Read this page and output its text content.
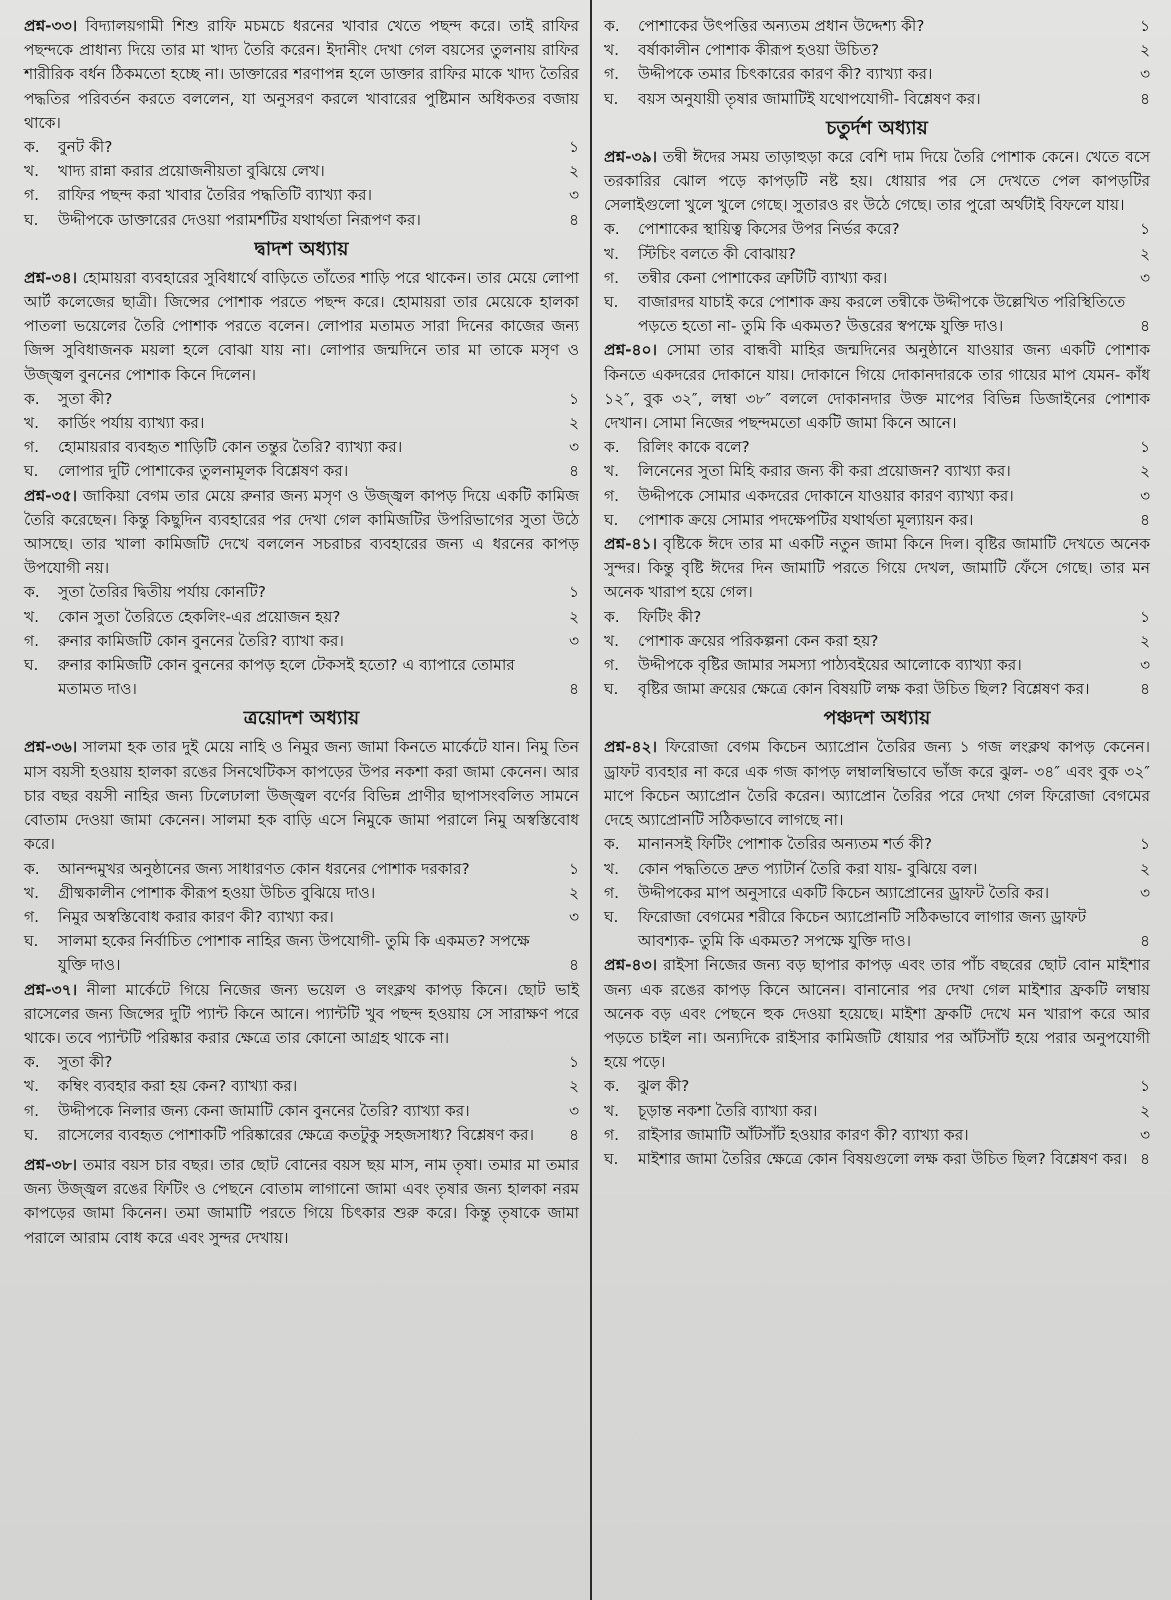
প্রশ্ন-৩৩। বিদ্যালয়গামী শিশু রাফি মচমচে ধরনের খাবার খেতে পছন্দ করে। তাই রাফির পছন্দকে প্রাধান্য দিয়ে তার মা খাদ্য তৈরি করেন। ইদানীং দেখা গেল বয়সের তুলনায় রাফির শারীরিক বর্ধন ঠিকমতো হচ্ছে না। ডাক্তারের শরণাপন্ন হলে ডাক্তার রাফির মাকে খাদ্য তৈরির পদ্ধতির পরিবর্তন করতে বললেন, যা অনুসরণ করলে খাবারের পুষ্টিমান অধিকতর বজায় থাকে।

ক.	বুনট কী?	১
খ.	খাদ্য রান্না করার প্রয়োজনীয়তা বুঝিয়ে লেখ।	২
গ.	রাফির পছন্দ করা খাবার তৈরির পদ্ধতিটি ব্যাখ্যা কর।	৩
ঘ.	উদ্দীপকে ডাক্তারের দেওয়া পরামর্শটির যথার্থতা নিরূপণ কর।	৪
দ্বাদশ অধ্যায়

প্রশ্ন-৩৪। হোমায়রা ব্যবহারের সুবিধার্থে বাড়িতে তাঁতের শাড়ি পরে থাকেন। তার মেয়ে লোপা আর্ট কলেজের ছাত্রী। জিন্সের পোশাক পরতে পছন্দ করে। হোমায়রা তার মেয়েকে হালকা পাতলা ভয়েলের তৈরি পোশাক পরতে বলেন। লোপার মতামত সারা দিনের কাজের জন্য জিন্স সুবিধাজনক ময়লা হলে বোঝা যায় না। লোপার জন্মদিনে তার মা তাকে মসৃণ ও উজ্জ্বল বুননের পোশাক কিনে দিলেন।

ক.	সুতা কী?	১
খ.	কার্ডিং পর্যায় ব্যাখ্যা কর।	২
গ.	হোমায়রার ব্যবহৃত শাড়িটি কোন তন্তুর তৈরি? ব্যাখ্যা কর।	৩
ঘ.	লোপার দুটি পোশাকের তুলনামূলক বিশ্লেষণ কর।	৪

প্রশ্ন-৩৫। জাকিয়া বেগম তার মেয়ে রুনার জন্য মসৃণ ও উজ্জ্বল কাপড় দিয়ে একটি কামিজ তৈরি করেছেন। কিন্তু কিছুদিন ব্যবহারের পর দেখা গেল কামিজটির উপরিভাগের সুতা উঠে আসছে। তার খালা কামিজটি দেখে বললেন সচরাচর ব্যবহারের জন্য এ ধরনের কাপড় উপযোগী নয়।

ক.	সুতা তৈরির দ্বিতীয় পর্যায় কোনটি?	১
খ.	কোন সুতা তৈরিতে হেকলিং-এর প্রয়োজন হয়?	২
গ.	রুনার কামিজটি কোন বুননের তৈরি? ব্যাখা কর।	৩
ঘ.	রুনার কামিজটি কোন বুননের কাপড় হলে টেকসই হতো? এ ব্যাপারে তোমার মতামত দাও।	৪
ত্রয়োদশ অধ্যায়

প্রশ্ন-৩৬। সালমা হক তার দুই মেয়ে নাহি ও নিমুর জন্য জামা কিনতে মার্কেটে যান। নিমু তিন মাস বয়সী হওয়ায় হালকা রঙের সিনথেটিকস কাপড়ের উপর নকশা করা জামা কেনেন। আর চার বছর বয়সী নাহির জন্য ঢিলেঢালা উজ্জ্বল বর্ণের বিভিন্ন প্রাণীর ছাপাসংবলিত সামনে বোতাম দেওয়া জামা কেনেন। সালমা হক বাড়ি এসে নিমুকে জামা পরালে নিমু অস্বস্তিবোধ করে।

ক.	আনন্দমুখর অনুষ্ঠানের জন্য সাধারণত কোন ধরনের পোশাক দরকার?	১
খ.	গ্রীষ্মকালীন পোশাক কীরূপ হওয়া উচিত বুঝিয়ে দাও।	২
গ.	নিমুর অস্বস্তিবোধ করার কারণ কী? ব্যাখ্যা কর।	৩
ঘ.	সালমা হকের নির্বাচিত পোশাক নাহির জন্য উপযোগী- তুমি কি একমত? সপক্ষে যুক্তি দাও।	৪

প্রশ্ন-৩৭। নীলা মার্কেটে গিয়ে নিজের জন্য ভয়েল ও লংক্লথ কাপড় কিনে। ছোট ভাই রাসেলের জন্য জিন্সের দুটি প্যান্ট কিনে আনে। প্যান্টটি খুব পছন্দ হওয়ায় সে সারাক্ষণ পরে থাকে। তবে প্যান্টটি পরিষ্কার করার ক্ষেত্রে তার কোনো আগ্রহ থাকে না।

ক.	সুতা কী?	১
খ.	কম্বিং ব্যবহার করা হয় কেন? ব্যাখ্যা কর।	২
গ.	উদ্দীপকে নিলার জন্য কেনা জামাটি কোন বুননের তৈরি? ব্যাখ্যা কর।	৩
ঘ.	রাসেলের ব্যবহৃত পোশাকটি পরিষ্কারের ক্ষেত্রে কতটুকু সহজসাধ্য? বিশ্লেষণ কর।	৪

প্রশ্ন-৩৮। তমার বয়স চার বছর। তার ছোট বোনের বয়স ছয় মাস, নাম তৃষা। তমার মা তমার জন্য উজ্জ্বল রঙের ফিটিং ও পেছনে বোতাম লাগানো জামা এবং তৃষার জন্য হালকা নরম কাপড়ের জামা কিনেন। তমা জামাটি পরতে গিয়ে চিৎকার শুরু করে। কিন্তু তৃষাকে জামা পরালে আরাম বোধ করে এবং সুন্দর দেখায়।

ক.	পোশাকের উৎপত্তির অন্যতম প্রধান উদ্দেশ্য কী?	১
খ.	বর্ষাকালীন পোশাক কীরূপ হওয়া উচিত?	২
গ.	উদ্দীপকে তমার চিৎকারের কারণ কী? ব্যাখ্যা কর।	৩
ঘ.	বয়স অনুযায়ী তৃষার জামাটিই যথোপযোগী- বিশ্লেষণ কর।	৪
চতুর্দশ অধ্যায়

প্রশ্ন-৩৯। তন্বী ঈদের সময় তাড়াহুড়া করে বেশি দাম দিয়ে তৈরি পোশাক কেনে। খেতে বসে তরকারির ঝোল পড়ে কাপড়টি নষ্ট হয়। ধোয়ার পর সে দেখতে পেল কাপড়টির সেলাইগুলো খুলে খুলে গেছে। সুতারও রং উঠে গেছে। তার পুরো অর্থটাই বিফলে যায়।

ক.	পোশাকের স্থায়িত্ব কিসের উপর নির্ভর করে?	১
খ.	স্টিচিং বলতে কী বোঝায়?	২
গ.	তন্বীর কেনা পোশাকের ত্রুটিটি ব্যাখ্যা কর।	৩
ঘ.	বাজারদর যাচাই করে পোশাক ক্রয় করলে তন্বীকে উদ্দীপকে উল্লেখিত পরিস্থিতিতে পড়তে হতো না- তুমি কি একমত? উত্তরের স্বপক্ষে যুক্তি দাও।	৪

প্রশ্ন-৪০। সোমা তার বান্ধবী মাহির জন্মদিনের অনুষ্ঠানে যাওয়ার জন্য একটি পোশাক কিনতে একদরের দোকানে যায়। দোকানে গিয়ে দোকানদারকে তার গায়ের মাপ যেমন- কাঁধ ১২″, বুক ৩২″, লম্বা ৩৮″ বললে দোকানদার উক্ত মাপের বিভিন্ন ডিজাইনের পোশাক দেখান। সোমা নিজের পছন্দমতো একটি জামা কিনে আনে।

ক.	রিলিং কাকে বলে?	১
খ.	লিনেনের সুতা মিহি করার জন্য কী করা প্রয়োজন? ব্যাখ্যা কর।	২
গ.	উদ্দীপকে সোমার একদরের দোকানে যাওয়ার কারণ ব্যাখ্যা কর।	৩
ঘ.	পোশাক ক্রয়ে সোমার পদক্ষেপটির যথার্থতা মূল্যায়ন কর।	৪

প্রশ্ন-৪১। বৃষ্টিকে ঈদে তার মা একটি নতুন জামা কিনে দিল। বৃষ্টির জামাটি দেখতে অনেক সুন্দর। কিন্তু বৃষ্টি ঈদের দিন জামাটি পরতে গিয়ে দেখল, জামাটি ফেঁসে গেছে। তার মন অনেক খারাপ হয়ে গেল।

ক.	ফিটিং কী?	১
খ.	পোশাক ক্রয়ের পরিকল্পনা কেন করা হয়?	২
গ.	উদ্দীপকে বৃষ্টির জামার সমস্যা পাঠ্যবইয়ের আলোকে ব্যাখ্যা কর।	৩
ঘ.	বৃষ্টির জামা ক্রয়ের ক্ষেত্রে কোন বিষয়টি লক্ষ করা উচিত ছিল? বিশ্লেষণ কর।	৪
পঞ্চদশ অধ্যায়

প্রশ্ন-৪২। ফিরোজা বেগম কিচেন অ্যাপ্রোন তৈরির জন্য ১ গজ লংক্লথ কাপড় কেনেন। ড্রাফট ব্যবহার না করে এক গজ কাপড় লম্বালম্বিভাবে ভাঁজ করে ঝুল- ৩৪″ এবং বুক ৩২″ মাপে কিচেন অ্যাপ্রোন তৈরি করেন। অ্যাপ্রোন তৈরির পরে দেখা গেল ফিরোজা বেগমের দেহে অ্যাপ্রোনটি সঠিকভাবে লাগছে না।

ক.	মানানসই ফিটিং পোশাক তৈরির অন্যতম শর্ত কী?	১
খ.	কোন পদ্ধতিতে দ্রুত প্যাটার্ন তৈরি করা যায়- বুঝিয়ে বল।	২
গ.	উদ্দীপকের মাপ অনুসারে একটি কিচেন অ্যাপ্রোনের ড্রাফট তৈরি কর।	৩
ঘ.	ফিরোজা বেগমের শরীরে কিচেন অ্যাপ্রোনটি সঠিকভাবে লাগার জন্য ড্রাফট আবশ্যক- তুমি কি একমত? সপক্ষে যুক্তি দাও।	৪

প্রশ্ন-৪৩। রাইসা নিজের জন্য বড় ছাপার কাপড় এবং তার পাঁচ বছরের ছোট বোন মাইশার জন্য এক রঙের কাপড় কিনে আনেন। বানানোর পর দেখা গেল মাইশার ফ্রকটি লম্বায় অনেক বড় এবং পেছনে হুক দেওয়া হয়েছে। মাইশা ফ্রকটি দেখে মন খারাপ করে আর পড়তে চাইল না। অন্যদিকে রাইসার কামিজটি ধোয়ার পর আঁটসাঁট হয়ে পরার অনুপযোগী হয়ে পড়ে।

ক.	ঝুল কী?	১
খ.	চূড়ান্ত নকশা তৈরি ব্যাখ্যা কর।	২
গ.	রাইসার জামাটি আঁটসাঁট হওয়ার কারণ কী? ব্যাখ্যা কর।	৩
ঘ.	মাইশার জামা তৈরির ক্ষেত্রে কোন বিষয়গুলো লক্ষ করা উচিত ছিল? বিশ্লেষণ কর। ৪
